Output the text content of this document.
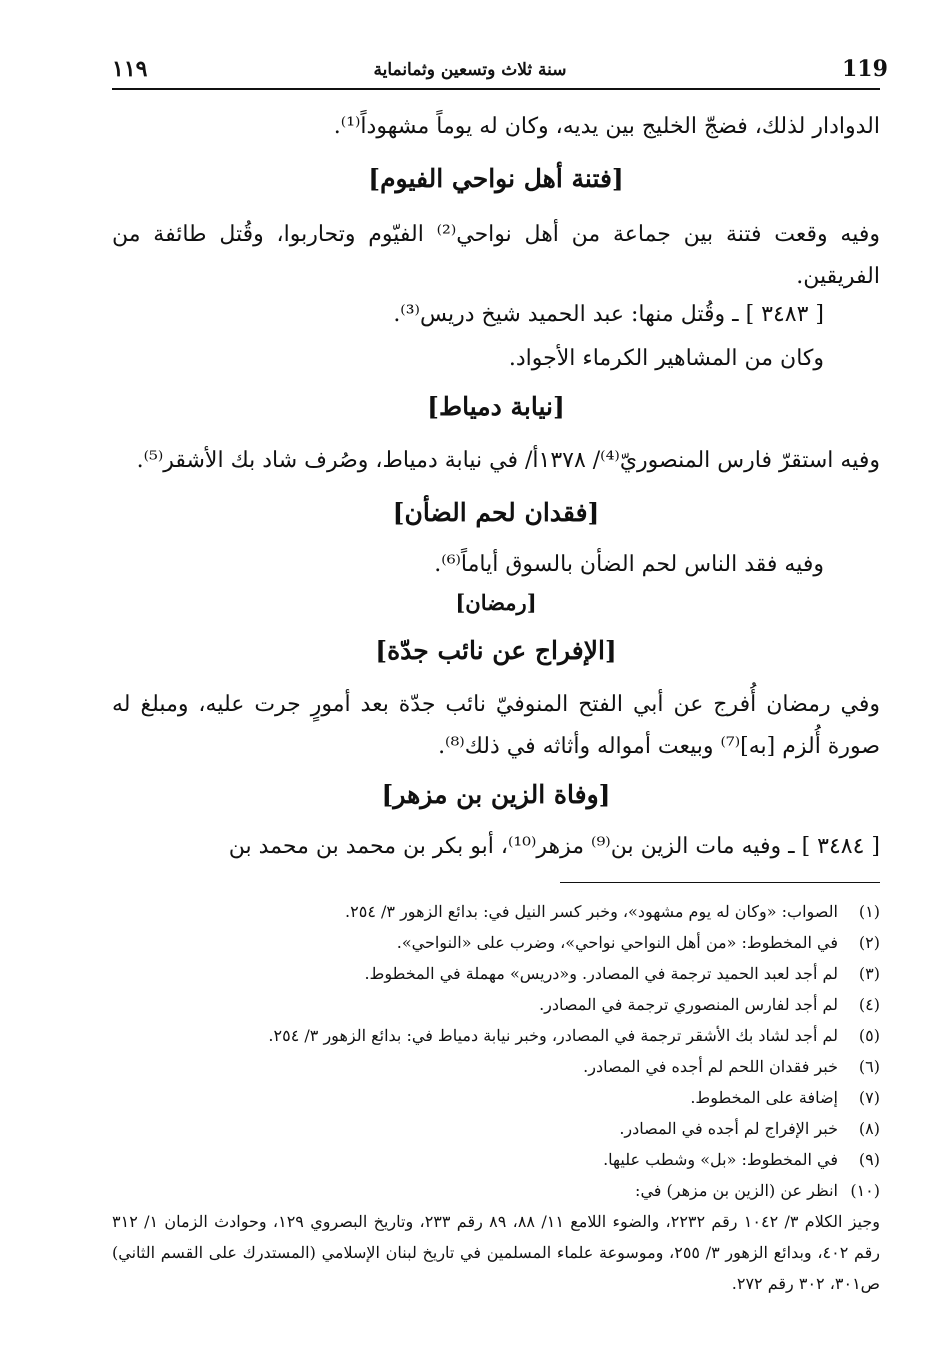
119
سنة ثلاث وتسعين وثمانماية
١١٩
الدوادار لذلك، فضجّ الخليج بين يديه، وكان له يوماً مشهوداً⁽¹⁾.
[فتنة أهل نواحي الفيوم]
وفيه وقعت فتنة بين جماعة من أهل نواحي⁽²⁾ الفيّوم وتحاربوا، وقُتل طائفة من الفريقين.
[ ٣٤٨٣ ] ـ وقُتل منها: عبد الحميد شيخ دريس⁽³⁾.
وكان من المشاهير الكرماء الأجواد.
[نيابة دمياط]
وفيه استقرّ فارس المنصوريّ⁽⁴⁾/ ١٣٧٨أ/ في نيابة دمياط، وصُرف شاد بك الأشقر⁽⁵⁾.
[فقدان لحم الضأن]
وفيه فقد الناس لحم الضأن بالسوق أياماً⁽⁶⁾.
[رمضان]
[الإفراج عن نائب جدّة]
وفي رمضان أُفرج عن أبي الفتح المنوفيّ نائب جدّة بعد أمورٍ جرت عليه، ومبلغ له صورة أُلزم [به]⁽⁷⁾ وبيعت أمواله وأثاثه في ذلك⁽⁸⁾.
[وفاة الزين بن مزهر]
[ ٣٤٨٤ ] ـ وفيه مات الزين بن⁽⁹⁾ مزهر⁽¹⁰⁾، أبو بكر بن محمد بن محمد بن
(١)الصواب: «وكان له يوم مشهود»، وخبر كسر النيل في: بدائع الزهور ٣/ ٢٥٤.
(٢)في المخطوط: «من أهل النواحي نواحي»، وضرب على «النواحي».
(٣)لم أجد لعبد الحميد ترجمة في المصادر. و«دريس» مهملة في المخطوط.
(٤)لم أجد لفارس المنصوري ترجمة في المصادر.
(٥)لم أجد لشاد بك الأشقر ترجمة في المصادر، وخبر نيابة دمياط في: بدائع الزهور ٣/ ٢٥٤.
(٦)خبر فقدان اللحم لم أجده في المصادر.
(٧)إضافة على المخطوط.
(٨)خبر الإفراج لم أجده في المصادر.
(٩)في المخطوط: «بل» وشطب عليها.
(١٠)انظر عن (الزين بن مزهر) في:
وجيز الكلام ٣/ ١٠٤٢ رقم ٢٢٣٢، والضوء اللامع ١١/ ٨٨، ٨٩ رقم ٢٣٣، وتاريخ البصروي ١٢٩، وحوادث الزمان ١/ ٣١٢ رقم ٤٠٢، وبدائع الزهور ٣/ ٢٥٥، وموسوعة علماء المسلمين في تاريخ لبنان الإسلامي (المستدرك على القسم الثاني) ص٣٠١، ٣٠٢ رقم ٢٧٢.
